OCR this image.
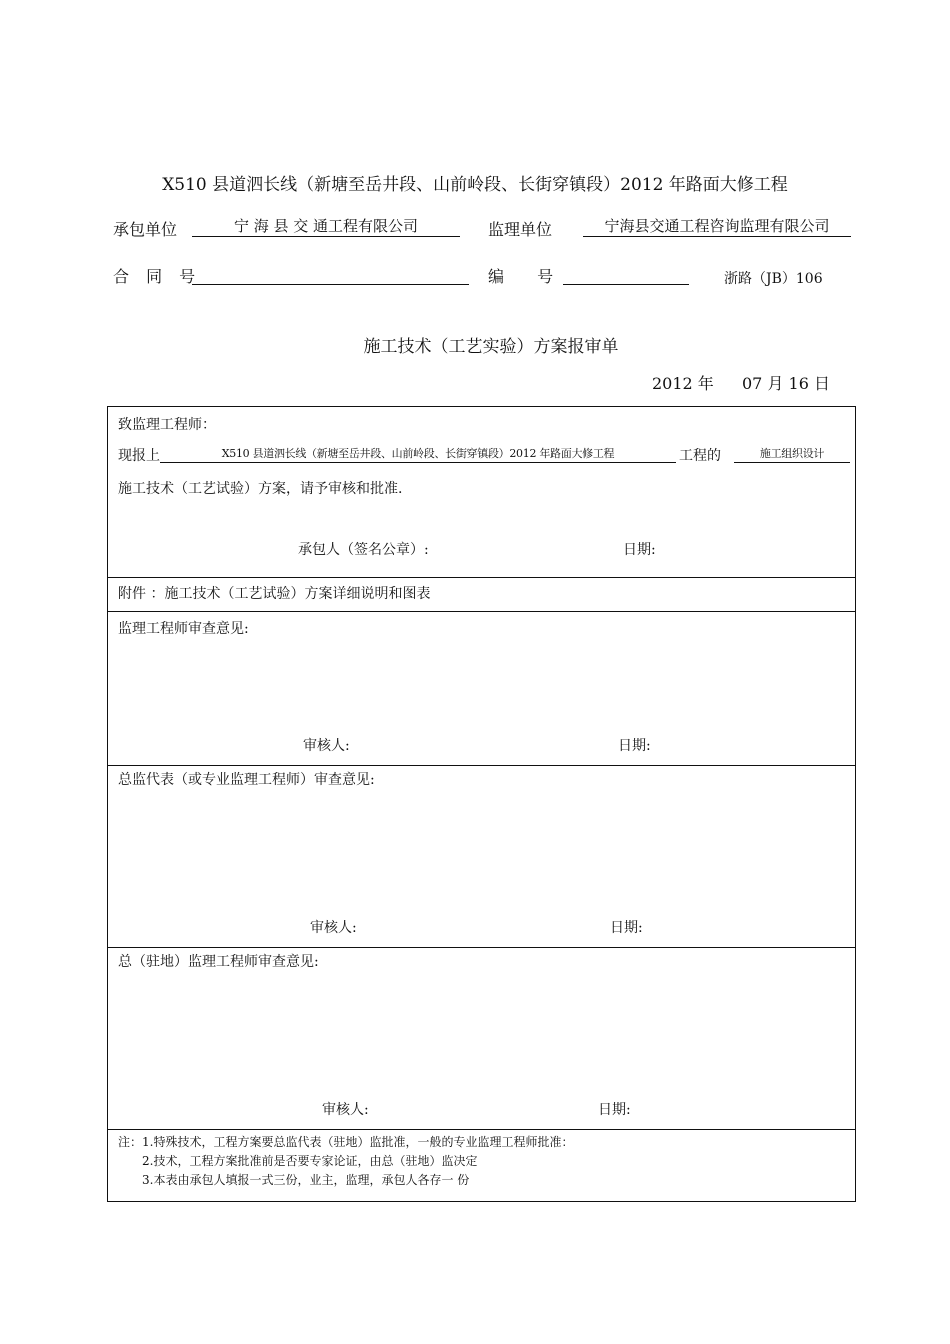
X510 县道泗长线（新塘至岳井段、山前岭段、长街穿镇段）2012 年路面大修工程
承包单位	宁 海 县 交 通工程有限公司	监理单位	宁海县交通工程咨询监理有限公司
合 同 号	编 号	浙路（JB）106
施工技术（工艺实验）方案报审单
2012 年 07 月 16 日
致监理工程师：
现报上	X510 县道泗长线（新塘至岳井段、山前岭段、长街穿镇段）2012 年路面大修工程	工程的	施工组织设计
施工技术（工艺试验）方案，请予审核和批准.
承包人（签名公章）:	日期:
附件 ：施工技术（工艺试验）方案详细说明和图表
监理工程师审查意见:
审核人:	日期:
总监代表（或专业监理工程师）审查意见:
审核人:	日期:
总（驻地）监理工程师审查意见:
审核人:	日期:
注：1.特殊技术，工程方案要总监代表（驻地）监批准，一般的专业监理工程师批准：
2.技术，工程方案批准前是否要专家论证，由总（驻地）监决定
3.本表由承包人填报一式三份，业主，监理，承包人各存一 份
